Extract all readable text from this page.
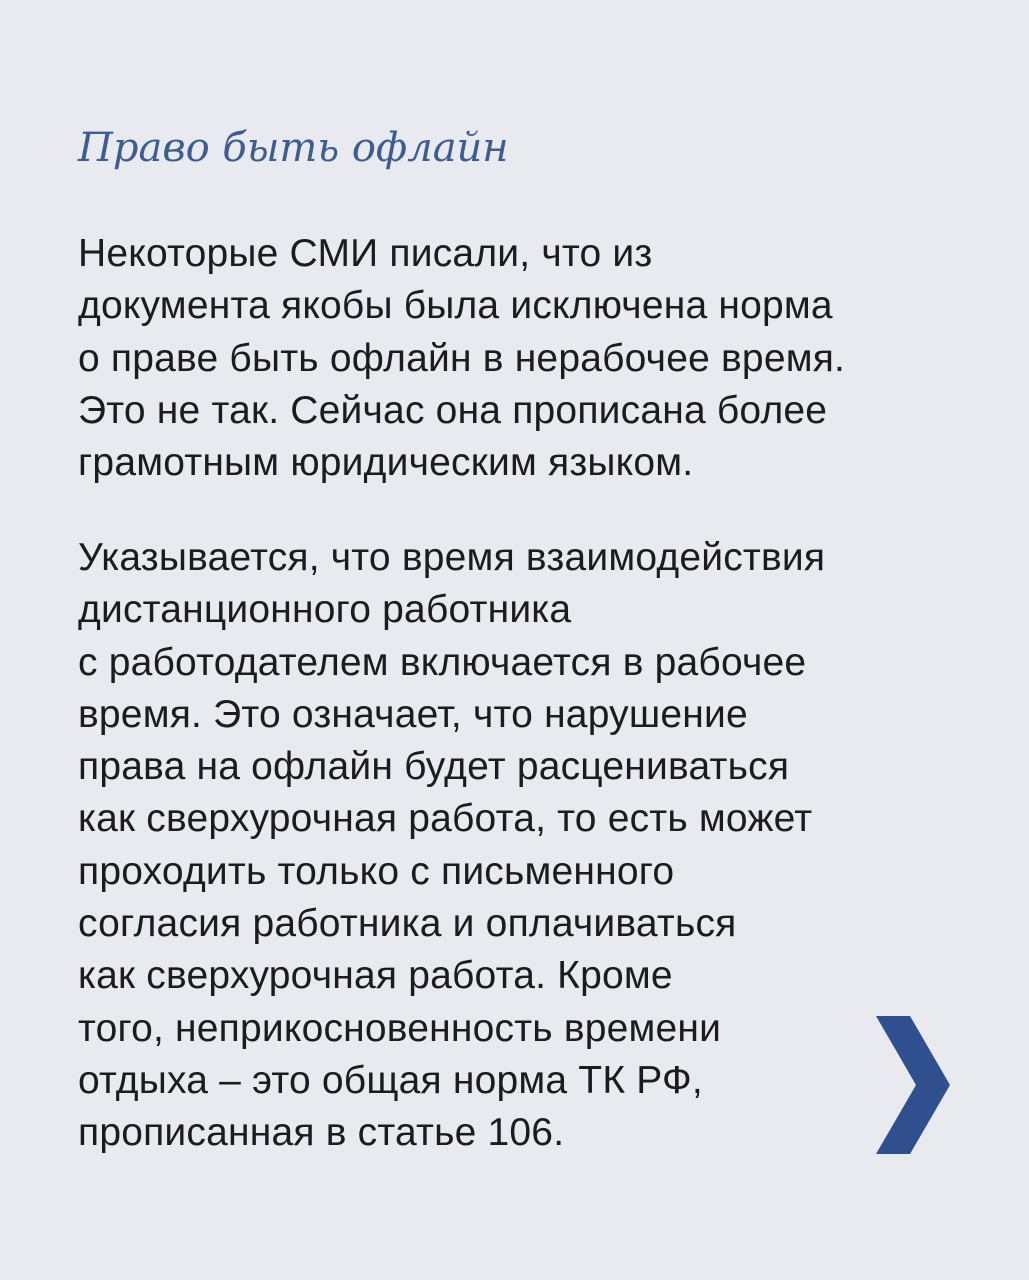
Право быть офлайн

Некоторые СМИ писали, что из
документа якобы была исключена норма
о праве быть офлайн в нерабочее время.
Это не так. Сейчас она прописана более
грамотным юридическим языком.

Указывается, что время взаимодействия
дистанционного работника
с работодателем включается в рабочее
время. Это означает, что нарушение
права на офлайн будет расцениваться
как сверхурочная работа, то есть может
проходить только с письменного
согласия работника и оплачиваться
как сверхурочная работа. Кроме
того, неприкосновенность времени
отдыха – это общая норма ТК РФ,
прописанная в статье 106.
